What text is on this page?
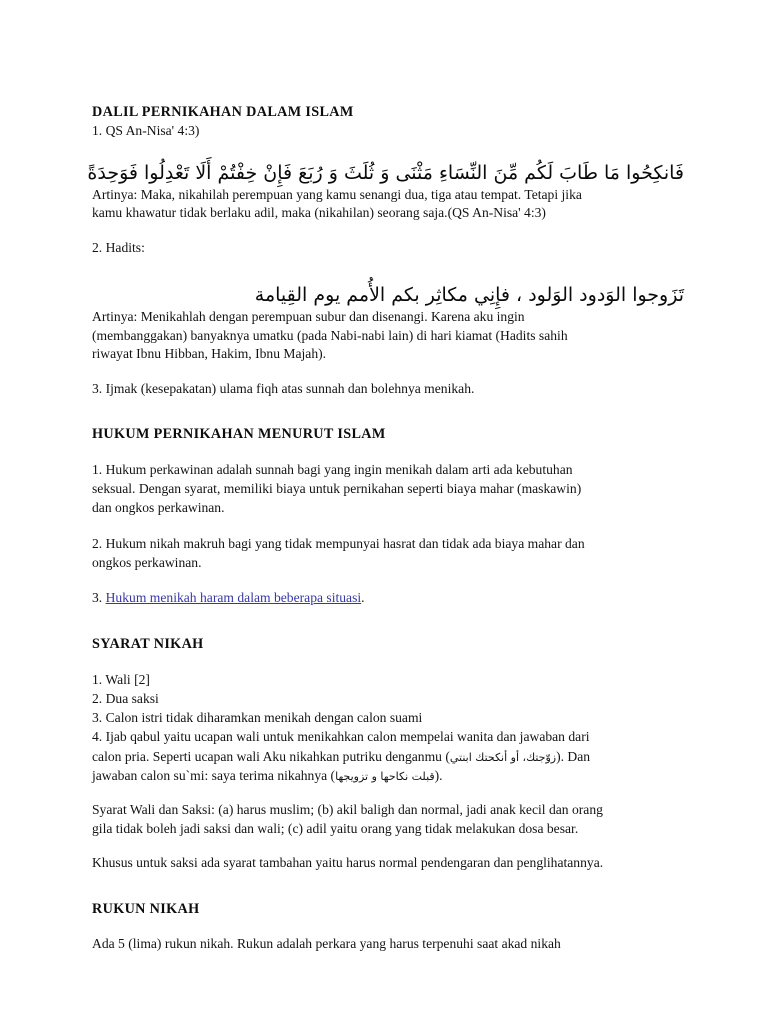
DALIL PERNIKAHAN DALAM ISLAM

1. QS An-Nisa' 4:3)

فَانكِحُوا مَا طَابَ لَكُم مِّنَ النِّسَاءِ مَثْنَى وَ ثُلَثَ وَ رُبَعَ فَإِنْ خِفْتُمْ أَلَا تَعْدِلُوا فَوَحِدَةً

Artinya: Maka, nikahilah perempuan yang kamu senangi dua, tiga atau tempat. Tetapi jika

kamu khawatur tidak berlaku adil, maka (nikahilan) seorang saja.(QS An-Nisa' 4:3)

2. Hadits:

تَزَوجوا الوَدود الوَلود ، فإِنِي مكاثِر بكم الأُمم يوم القِيامة

Artinya: Menikahlah dengan perempuan subur dan disenangi. Karena aku ingin

(membanggakan) banyaknya umatku (pada Nabi-nabi lain) di hari kiamat (Hadits sahih

riwayat Ibnu Hibban, Hakim, Ibnu Majah).

3. Ijmak (kesepakatan) ulama fiqh atas sunnah dan bolehnya menikah.

HUKUM PERNIKAHAN MENURUT ISLAM

1. Hukum perkawinan adalah sunnah bagi yang ingin menikah dalam arti ada kebutuhan

seksual. Dengan syarat, memiliki biaya untuk pernikahan seperti biaya mahar (maskawin)

dan ongkos perkawinan.

2. Hukum nikah makruh bagi yang tidak mempunyai hasrat dan tidak ada biaya mahar dan

ongkos perkawinan.

3. Hukum menikah haram dalam beberapa situasi.

SYARAT NIKAH

1. Wali [2]

2. Dua saksi

3. Calon istri tidak diharamkan menikah dengan calon suami

4. Ijab qabul yaitu ucapan wali untuk menikahkan calon mempelai wanita dan jawaban dari

calon pria. Seperti ucapan wali Aku nikahkan putriku denganmu (زوّجتك، أو أنكحتك ابنتي). Dan

jawaban calon su`mi: saya terima nikahnya (قبلت نكاحها و تزويجها).

Syarat Wali dan Saksi: (a) harus muslim; (b) akil baligh dan normal, jadi anak kecil dan orang

gila tidak boleh jadi saksi dan wali; (c) adil yaitu orang yang tidak melakukan dosa besar.

Khusus untuk saksi ada syarat tambahan yaitu harus normal pendengaran dan penglihatannya.

RUKUN NIKAH

Ada 5 (lima) rukun nikah. Rukun adalah perkara yang harus terpenuhi saat akad nikah
